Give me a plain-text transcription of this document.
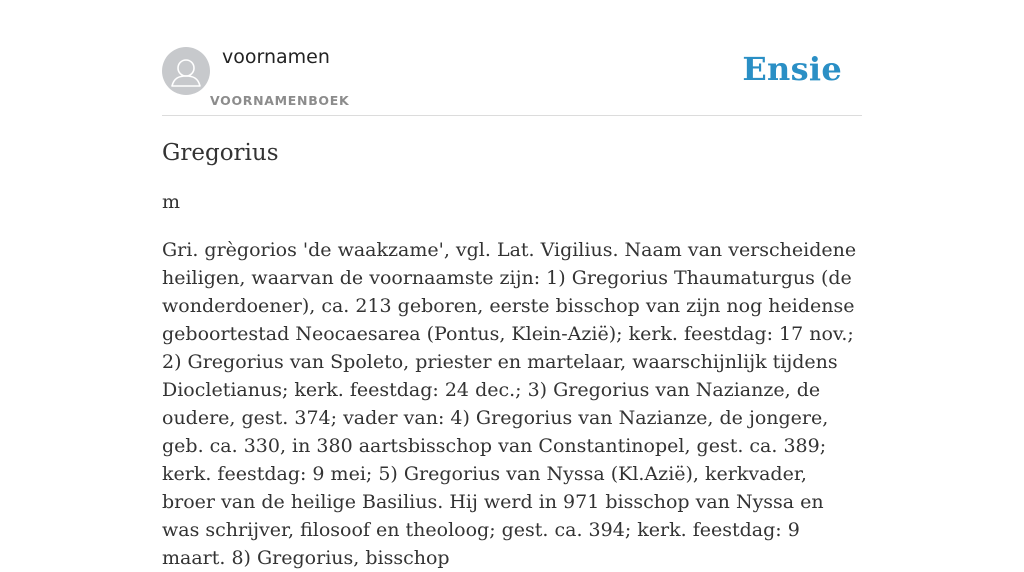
voornamen
VOORNAMENBOEK
Ensie
Gregorius
m

Gri. grègorios 'de waakzame', vgl. Lat. Vigilius. Naam van verscheidene heiligen, waarvan de voornaamste zijn: 1) Gregorius Thaumaturgus (de wonderdoener), ca. 213 geboren, eerste bisschop van zijn nog heidense geboortestad Neocaesarea (Pontus, Klein-Azië); kerk. feestdag: 17 nov.; 2) Gregorius van Spoleto, priester en martelaar, waarschijnlijk tijdens Diocletianus; kerk. feestdag: 24 dec.; 3) Gregorius van Nazianze, de oudere, gest. 374; vader van: 4) Gregorius van Nazianze, de jongere, geb. ca. 330, in 380 aartsbisschop van Constantinopel, gest. ca. 389; kerk. feestdag: 9 mei; 5) Gregorius van Nyssa (Kl.Azië), kerkvader, broer van de heilige Basilius. Hij werd in 971 bisschop van Nyssa en was schrijver, filosoof en theoloog; gest. ca. 394; kerk. feestdag: 9 maart. 8) Gregorius, bisschop
